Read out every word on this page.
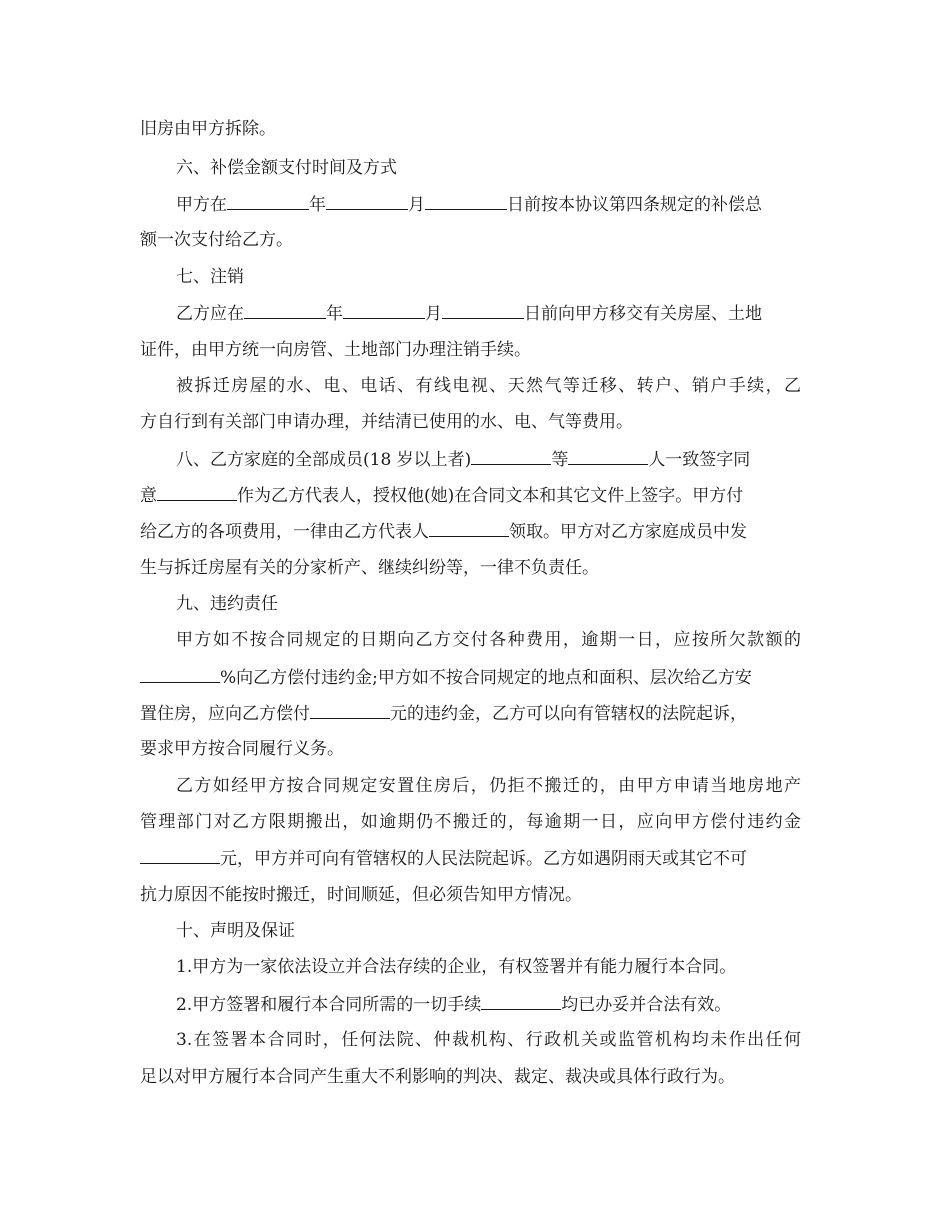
旧房由甲方拆除。
六、补偿金额支付时间及方式
甲方在	年	月	日前按本协议第四条规定的补偿总
额一次支付给乙方。
七、注销
乙方应在	年	月	日前向甲方移交有关房屋、土地
证件，由甲方统一向房管、土地部门办理注销手续。
被拆迁房屋的水、电、电话、有线电视、天然气等迁移、转户、销户手续，乙
方自行到有关部门申请办理，并结清已使用的水、电、气等费用。
八、乙方家庭的全部成员(18 岁以上者)	等	人一致签字同
意	作为乙方代表人，授权他(她)在合同文本和其它文件上签字。甲方付
给乙方的各项费用，一律由乙方代表人	领取。甲方对乙方家庭成员中发
生与拆迁房屋有关的分家析产、继续纠纷等，一律不负责任。
九、违约责任
甲方如不按合同规定的日期向乙方交付各种费用，逾期一日，应按所欠款额的
%向乙方偿付违约金;甲方如不按合同规定的地点和面积、层次给乙方安
置住房，应向乙方偿付	元的违约金，乙方可以向有管辖权的法院起诉，
要求甲方按合同履行义务。
乙方如经甲方按合同规定安置住房后，仍拒不搬迁的，由甲方申请当地房地产
管理部门对乙方限期搬出，如逾期仍不搬迁的，每逾期一日，应向甲方偿付违约金
元，甲方并可向有管辖权的人民法院起诉。乙方如遇阴雨天或其它不可
抗力原因不能按时搬迁，时间顺延，但必须告知甲方情况。
十、声明及保证
1.甲方为一家依法设立并合法存续的企业，有权签署并有能力履行本合同。
2.甲方签署和履行本合同所需的一切手续	均已办妥并合法有效。
3.在签署本合同时，任何法院、仲裁机构、行政机关或监管机构均未作出任何
足以对甲方履行本合同产生重大不利影响的判决、裁定、裁决或具体行政行为。
